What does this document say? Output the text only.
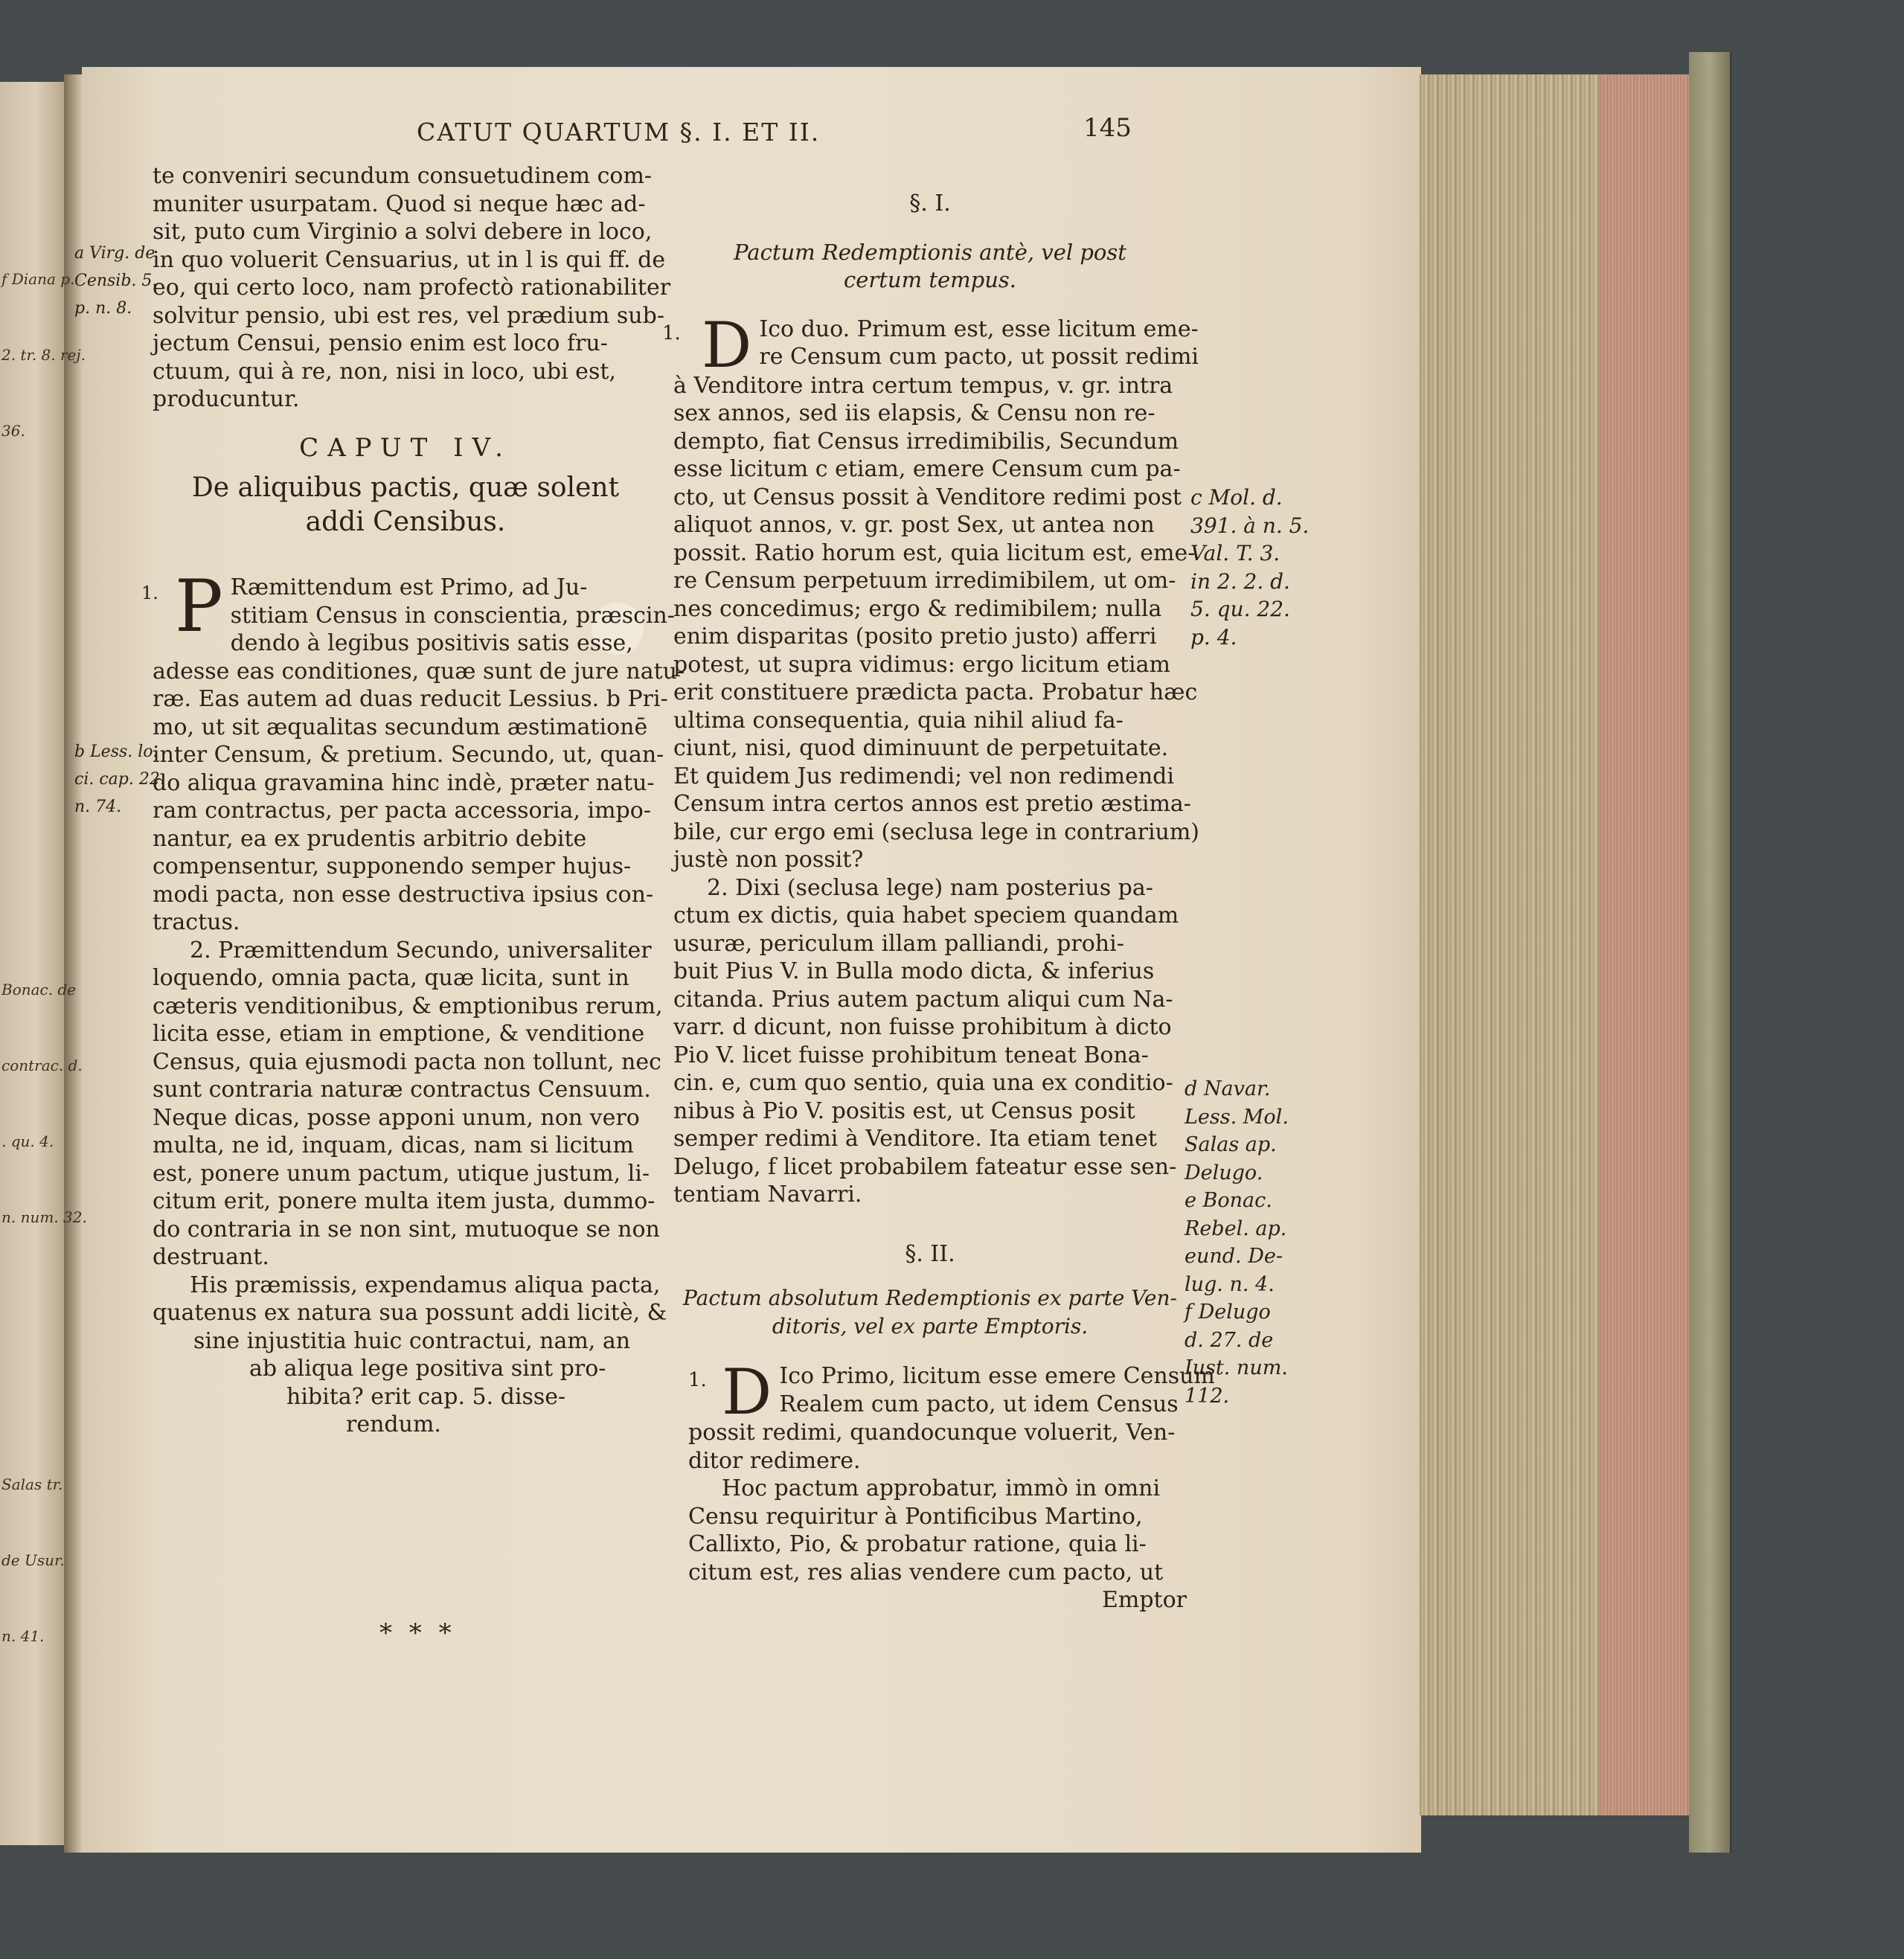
f Diana p.

2. tr. 8. rej.

36.

Bonac. de

contrac. d.

. qu. 4.

n. num. 32.

Salas tr.

de Usur.

n. 41.

CATUT QUARTUM §. I. ET II.	145
a Virg. de
Censib. 5.
p. n. 8.
b Less. lo.
ci. cap. 22.
n. 74.
te conveniri secundum consuetudinem com-
muniter usurpatam. Quod si neque hæc ad-
sit, puto cum Virginio a solvi debere in loco,
in quo voluerit Censuarius, ut in l is qui ff. de
eo, qui certo loco, nam profectò rationabiliter
solvitur pensio, ubi est res, vel prædium sub-
jectum Censui, pensio enim est loco fru-
ctuum, qui à re, non, nisi in loco, ubi est,
producuntur.
CAPUT IV.
De aliquibus pactis, quæ solent
addi Censibus.
1. P Ræmittendum est Primo, ad Ju-
stitiam Census in conscientia, præscin-
dendo à legibus positivis satis esse,
adesse eas conditiones, quæ sunt de jure natu-
ræ. Eas autem ad duas reducit Lessius. b Pri-
mo, ut sit æqualitas secundum æstimationē
inter Censum, & pretium. Secundo, ut, quan-
do aliqua gravamina hinc indè, præter natu-
ram contractus, per pacta accessoria, impo-
nantur, ea ex prudentis arbitrio debite
compensentur, supponendo semper hujus-
modi pacta, non esse destructiva ipsius con-
tractus.
2. Præmittendum Secundo, universaliter
loquendo, omnia pacta, quæ licita, sunt in
cæteris venditionibus, & emptionibus rerum,
licita esse, etiam in emptione, & venditione
Census, quia ejusmodi pacta non tollunt, nec
sunt contraria naturæ contractus Censuum.
Neque dicas, posse apponi unum, non vero
multa, ne id, inquam, dicas, nam si licitum
est, ponere unum pactum, utique justum, li-
citum erit, ponere multa item justa, dummo-
do contraria in se non sint, mutuoque se non
destruant.
His præmissis, expendamus aliqua pacta,
quatenus ex natura sua possunt addi licitè, &
sine injustitia huic contractui, nam, an
ab aliqua lege positiva sint pro-
hibita? erit cap. 5. disse-
rendum.
* * *
§. I.
Pactum Redemptionis antè, vel post
certum tempus.
1. D Ico duo. Primum est, esse licitum eme-
re Censum cum pacto, ut possit redimi
à Venditore intra certum tempus, v. gr. intra
sex annos, sed iis elapsis, & Censu non re-
dempto, fiat Census irredimibilis, Secundum
esse licitum c etiam, emere Censum cum pa-
cto, ut Census possit à Venditore redimi post
aliquot annos, v. gr. post Sex, ut antea non
possit. Ratio horum est, quia licitum est, eme-
re Censum perpetuum irredimibilem, ut om-
nes concedimus; ergo & redimibilem; nulla
enim disparitas (posito pretio justo) afferri
potest, ut supra vidimus: ergo licitum etiam
erit constituere prædicta pacta. Probatur hæc
ultima consequentia, quia nihil aliud fa-
ciunt, nisi, quod diminuunt de perpetuitate.
Et quidem Jus redimendi; vel non redimendi
Censum intra certos annos est pretio æstima-
bile, cur ergo emi (seclusa lege in contrarium)
justè non possit?
2. Dixi (seclusa lege) nam posterius pa-
ctum ex dictis, quia habet speciem quandam
usuræ, periculum illam palliandi, prohi-
buit Pius V. in Bulla modo dicta, & inferius
citanda. Prius autem pactum aliqui cum Na-
varr. d dicunt, non fuisse prohibitum à dicto
Pio V. licet fuisse prohibitum teneat Bona-
cin. e, cum quo sentio, quia una ex conditio-
nibus à Pio V. positis est, ut Census posit
semper redimi à Venditore. Ita etiam tenet
Delugo, f licet probabilem fateatur esse sen-
tentiam Navarri.
§. II.
Pactum absolutum Redemptionis ex parte Ven-
ditoris, vel ex parte Emptoris.
1. D Ico Primo, licitum esse emere Censum
Realem cum pacto, ut idem Census
possit redimi, quandocunque voluerit, Ven-
ditor redimere.
Hoc pactum approbatur, immò in omni
Censu requiritur à Pontificibus Martino,
Callixto, Pio, & probatur ratione, quia li-
citum est, res alias vendere cum pacto, ut
Emptor
c Mol. d.
391. à n. 5.
Val. T. 3.
in 2. 2. d.
5. qu. 22.
p. 4.
d Navar.
Less. Mol.
Salas ap.
Delugo.
e Bonac.
Rebel. ap.
eund. De-
lug. n. 4.
f Delugo
d. 27. de
Iust. num.
112.
